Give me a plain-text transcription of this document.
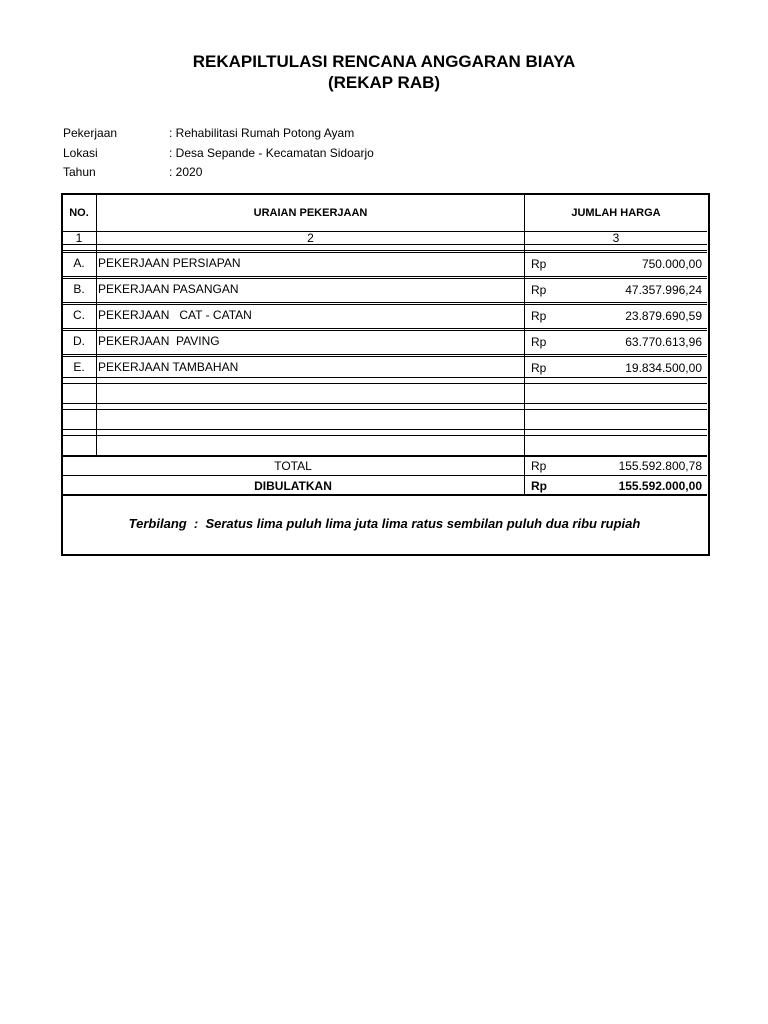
REKAPILTULASI RENCANA ANGGARAN BIAYA
(REKAP RAB)
Pekerjaan	: Rehabilitasi Rumah Potong Ayam
Lokasi	: Desa Sepande - Kecamatan Sidoarjo
Tahun	: 2020
NO.	URAIAN PEKERJAAN	JUMLAH HARGA
1	2	3
A.	PEKERJAAN PERSIAPAN	Rp	750.000,00
B.	PEKERJAAN PASANGAN	Rp	47.357.996,24
C.	PEKERJAAN   CAT - CATAN	Rp	23.879.690,59
D.	PEKERJAAN  PAVING	Rp	63.770.613,96
E.	PEKERJAAN TAMBAHAN	Rp	19.834.500,00
TOTAL	Rp	155.592.800,78
DIBULATKAN	Rp	155.592.000,00
Terbilang  :  Seratus lima puluh lima juta lima ratus sembilan puluh dua ribu rupiah
